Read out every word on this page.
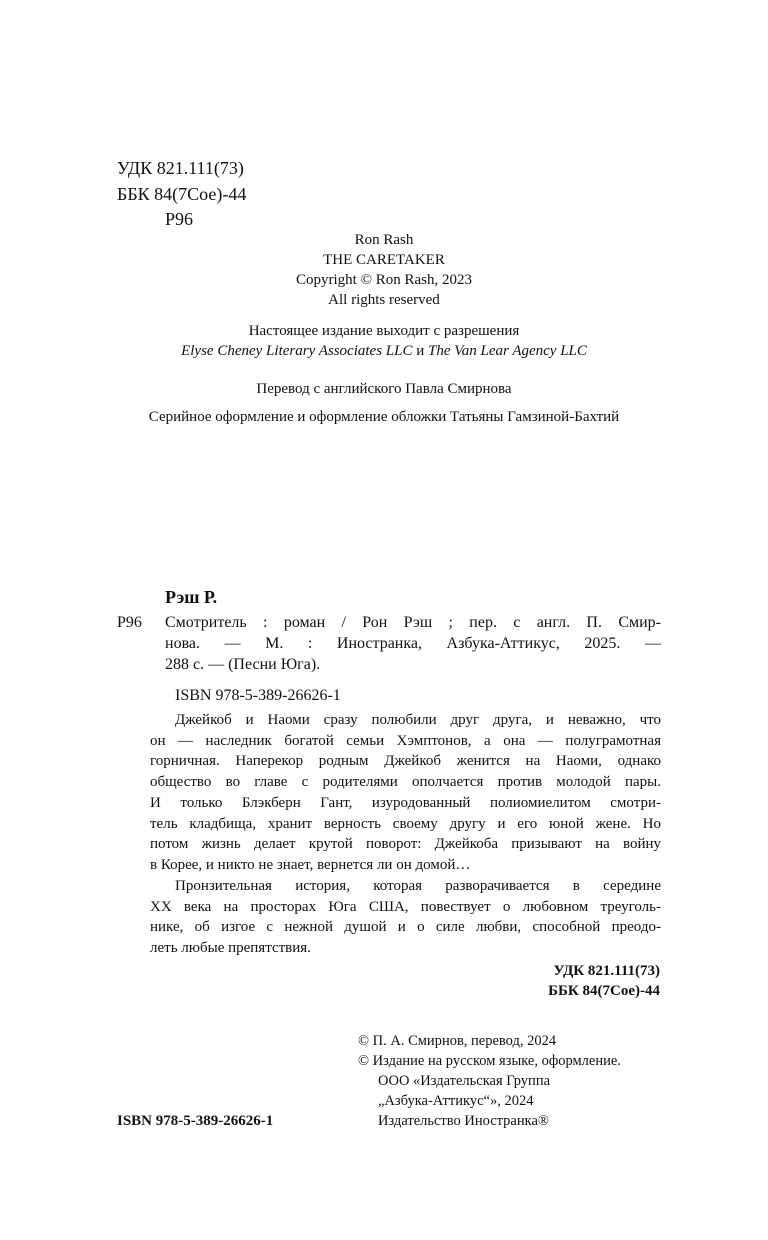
УДК 821.111(73)
ББК 84(7Сое)-44
Р96
Ron Rash
THE CARETAKER
Copyright © Ron Rash, 2023
All rights reserved
Настоящее издание выходит с разрешения
Elyse Cheney Literary Associates LLC и The Van Lear Agency LLC
Перевод с английского Павла Смирнова
Серийное оформление и оформление обложки Татьяны Гамзиной-Бахтий
Рэш Р.
Р96 Смотритель : роман / Рон Рэш ; пер. с англ. П. Смир-
нова. — М. : Иностранка, Азбука-Аттикус, 2025. —
288 с. — (Песни Юга).
ISBN 978-5-389-26626-1
Джейкоб и Наоми сразу полюбили друг друга, и неважно, что
он — наследник богатой семьи Хэмптонов, а она — полуграмотная
горничная. Наперекор родным Джейкоб женится на Наоми, однако
общество во главе с родителями ополчается против молодой пары.
И только Блэкберн Гант, изуродованный полиомиелитом смотри-
тель кладбища, хранит верность своему другу и его юной жене. Но
потом жизнь делает крутой поворот: Джейкоба призывают на войну
в Корее, и никто не знает, вернется ли он домой…
Пронзительная история, которая разворачивается в середине
XX века на просторах Юга США, повествует о любовном треуголь-
нике, об изгое с нежной душой и о силе любви, способной преодо-
леть любые препятствия.
УДК 821.111(73)
ББК 84(7Сое)-44
© П. А. Смирнов, перевод, 2024
© Издание на русском языке, оформление.
ООО «Издательская Группа
„Азбука-Аттикус“», 2024
Издательство Иностранка®
ISBN 978-5-389-26626-1
